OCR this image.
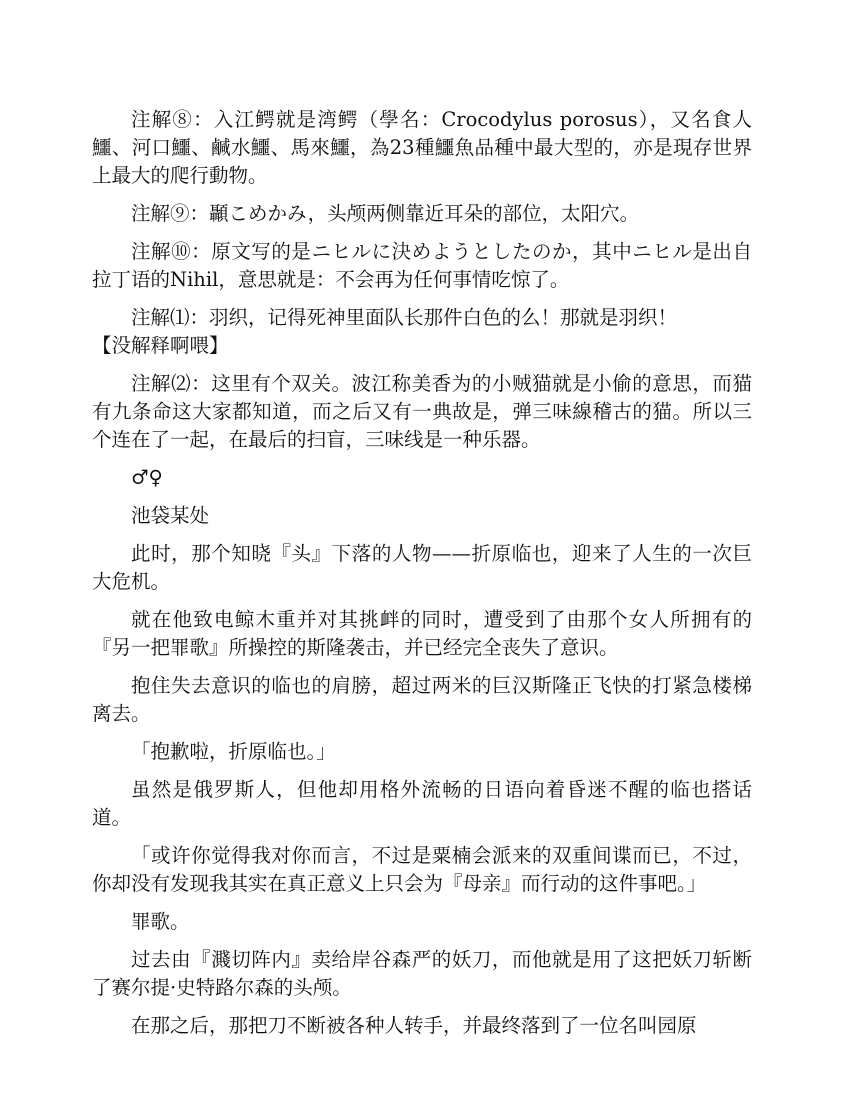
注解⑧：入江鳄就是湾鳄（學名：Crocodylus porosus），又名食人鱷、河口鱷、鹹水鱷、馬來鱷，為23種鱷魚品種中最大型的，亦是現存世界上最大的爬行動物。

注解⑨：顳こめかみ，头颅两侧靠近耳朵的部位，太阳穴。

注解⑩：原文写的是ニヒルに決めようとしたのか，其中ニヒル是出自拉丁语的Nihil，意思就是：不会再为任何事情吃惊了。

注解⑴：羽织，记得死神里面队长那件白色的么！那就是羽织！
【没解释啊喂】

注解⑵：这里有个双关。波江称美香为的小贼猫就是小偷的意思，而猫有九条命这大家都知道，而之后又有一典故是，弹三味線稽古的猫。所以三个连在了一起，在最后的扫盲，三味线是一种乐器。

♂♀

池袋某处

此时，那个知晓『头』下落的人物——折原临也，迎来了人生的一次巨大危机。

就在他致电鲸木重并对其挑衅的同时，遭受到了由那个女人所拥有的『另一把罪歌』所操控的斯隆袭击，并已经完全丧失了意识。

抱住失去意识的临也的肩膀，超过两米的巨汉斯隆正飞快的打紧急楼梯离去。

「抱歉啦，折原临也。」

虽然是俄罗斯人，但他却用格外流畅的日语向着昏迷不醒的临也搭话道。

「或许你觉得我对你而言，不过是粟楠会派来的双重间谍而已，不过，你却没有发现我其实在真正意义上只会为『母亲』而行动的这件事吧。」

罪歌。

过去由『濺切阵内』卖给岸谷森严的妖刀，而他就是用了这把妖刀斩断了赛尔提·史特路尔森的头颅。

在那之后，那把刀不断被各种人转手，并最终落到了一位名叫园原
